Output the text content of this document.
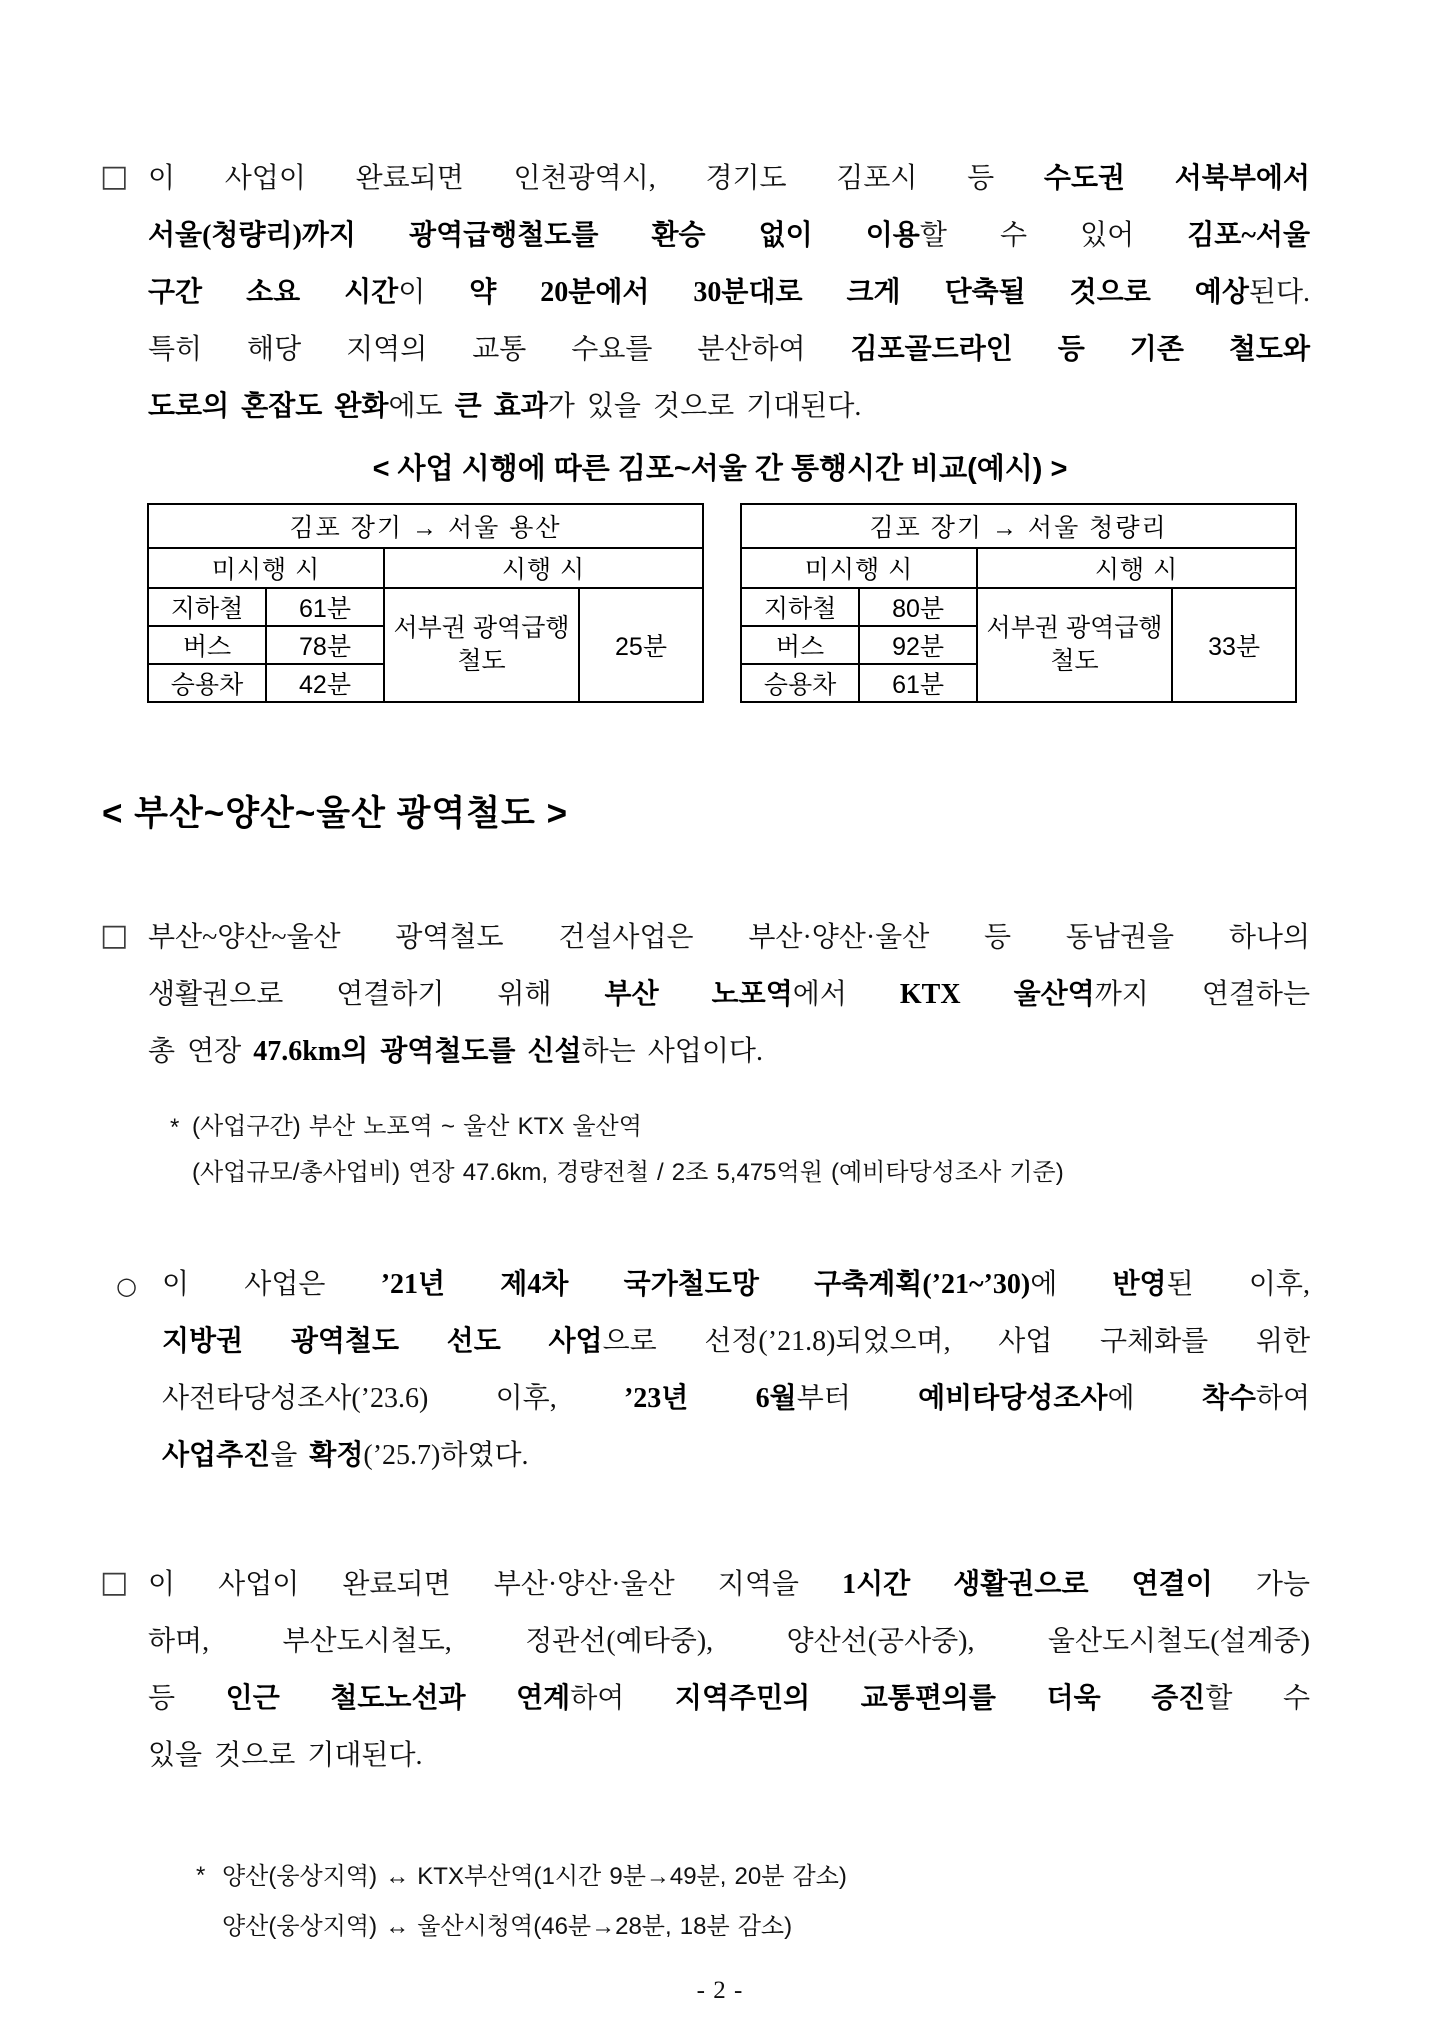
□ 이 사업이 완료되면 인천광역시, 경기도 김포시 등 수도권 서북부에서
서울(청량리)까지 광역급행철도를 환승 없이 이용할 수 있어 김포~서울
구간 소요 시간이 약 20분에서 30분대로 크게 단축될 것으로 예상된다.
특히 해당 지역의 교통 수요를 분산하여 김포골드라인 등 기존 철도와
도로의 혼잡도 완화에도 큰 효과가 있을 것으로 기대된다.
< 사업 시행에 따른 김포~서울 간 통행시간 비교(예시) >
김포 장기 → 서울 용산			
미시행 시		시행 시	
지하철	61분	서부권 광역급행철도	25분
버스	78분		
승용차	42분		
김포 장기 → 서울 청량리			
미시행 시		시행 시	
지하철	80분	서부권 광역급행철도	33분
버스	92분		
승용차	61분		
< 부산~양산~울산 광역철도 >
□ 부산~양산~울산 광역철도 건설사업은 부산·양산·울산 등 동남권을 하나의
생활권으로 연결하기 위해 부산 노포역에서 KTX 울산역까지 연결하는
총 연장 47.6km의 광역철도를 신설하는 사업이다.
* (사업구간) 부산 노포역 ~ 울산 KTX 울산역
(사업규모/총사업비) 연장 47.6km, 경량전철 / 2조 5,475억원 (예비타당성조사 기준)
○ 이 사업은 ’21년 제4차 국가철도망 구축계획(’21~’30)에 반영된 이후,
지방권 광역철도 선도 사업으로 선정(’21.8)되었으며, 사업 구체화를 위한
사전타당성조사(’23.6) 이후, ’23년 6월부터 예비타당성조사에 착수하여
사업추진을 확정(’25.7)하였다.
□ 이 사업이 완료되면 부산·양산·울산 지역을 1시간 생활권으로 연결이 가능
하며, 부산도시철도, 정관선(예타중), 양산선(공사중), 울산도시철도(설계중)
등 인근 철도노선과 연계하여 지역주민의 교통편의를 더욱 증진할 수
있을 것으로 기대된다.
* 양산(웅상지역) ↔ KTX부산역(1시간 9분→49분, 20분 감소)
양산(웅상지역) ↔ 울산시청역(46분→28분, 18분 감소)
- 2 -
